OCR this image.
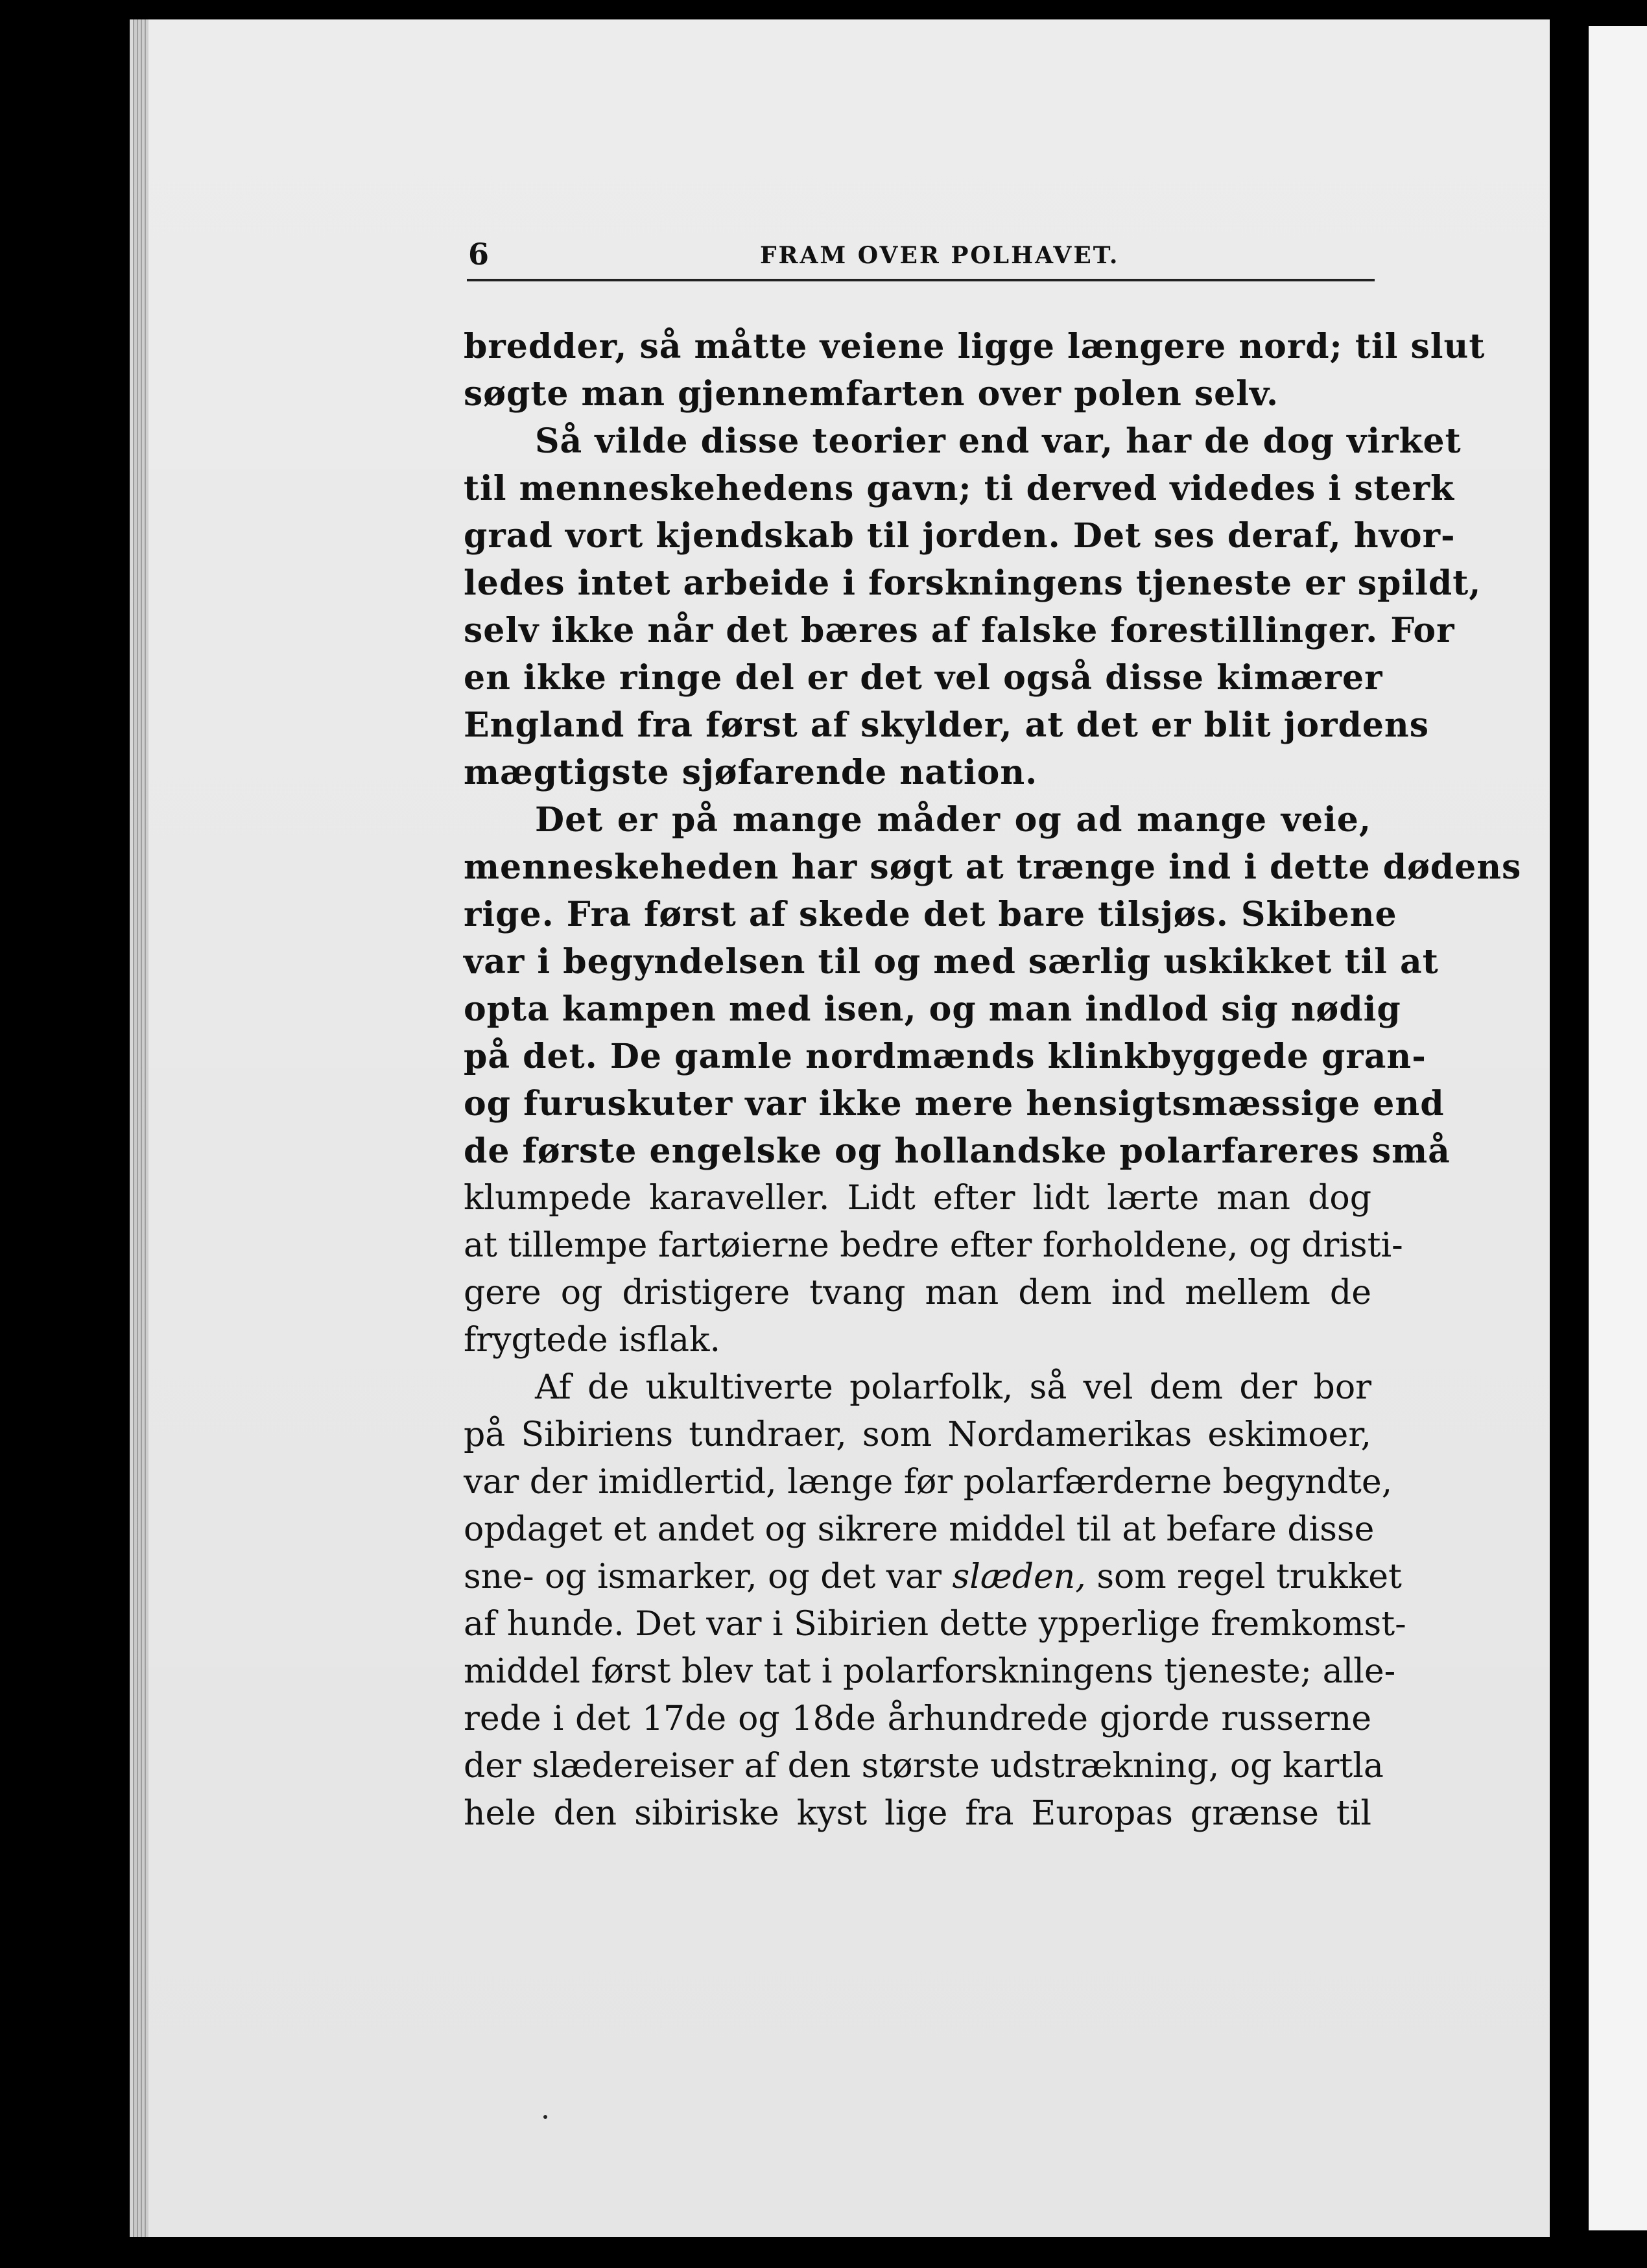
6	FRAM OVER POLHAVET.
bredder, så måtte veiene ligge længere nord; til slut
søgte man gjennemfarten over polen selv.
Så vilde disse teorier end var, har de dog virket
til menneskehedens gavn; ti derved videdes i sterk
grad vort kjendskab til jorden. Det ses deraf, hvor-
ledes intet arbeide i forskningens tjeneste er spildt,
selv ikke når det bæres af falske forestillinger. For
en ikke ringe del er det vel også disse kimærer
England fra først af skylder, at det er blit jordens
mægtigste sjøfarende nation.
Det er på mange måder og ad mange veie,
menneskeheden har søgt at trænge ind i dette dødens
rige. Fra først af skede det bare tilsjøs. Skibene
var i begyndelsen til og med særlig uskikket til at
opta kampen med isen, og man indlod sig nødig
på det. De gamle nordmænds klinkbyggede gran-
og furuskuter var ikke mere hensigtsmæssige end
de første engelske og hollandske polarfareres små
klumpede karaveller. Lidt efter lidt lærte man dog
at tillempe fartøierne bedre efter forholdene, og dristi-
gere og dristigere tvang man dem ind mellem de
frygtede isflak.
Af de ukultiverte polarfolk, så vel dem der bor
på Sibiriens tundraer, som Nordamerikas eskimoer,
var der imidlertid, længe før polarfærderne begyndte,
opdaget et andet og sikrere middel til at befare disse
sne- og ismarker, og det var slæden, som regel trukket
af hunde. Det var i Sibirien dette ypperlige fremkomst-
middel først blev tat i polarforskningens tjeneste; alle-
rede i det 17de og 18de århundrede gjorde russerne
der slædereiser af den største udstrækning, og kartla
hele den sibiriske kyst lige fra Europas grænse til
